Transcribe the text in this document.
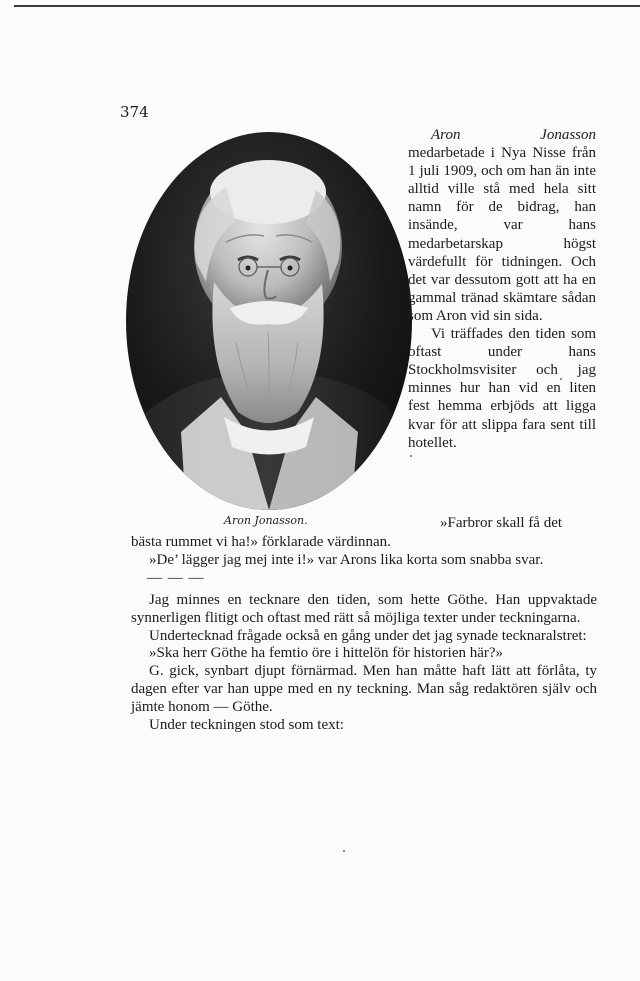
374
Aron Jonasson.

Aron Jonasson medarbetade i Nya Nisse från 1 juli 1909, och om han än inte alltid ville stå med hela sitt namn för de bidrag, han insände, var hans medarbetarskap högst värdefullt för tidningen. Och det var dessutom gott att ha en gammal tränad skämtare sådan som Aron vid sin sida.

Vi träffades den tiden som oftast under hans Stockholmsvisiter och jag minnes hur han vid en liten fest hemma erbjöds att ligga kvar för att slippa fara sent till hotellet.

»Farbror skall få det

bästa rummet vi ha!» förklarade värdinnan.

»De’ lägger jag mej inte i!» var Arons lika korta som snabba svar.

— — —

Jag minnes en tecknare den tiden, som hette Göthe. Han uppvaktade synnerligen flitigt och oftast med rätt så möjliga texter under teckningarna.

Undertecknad frågade också en gång under det jag synade tecknaralstret:

»Ska herr Göthe ha femtio öre i hittelön för historien här?»

G. gick, synbart djupt förnärmad. Men han måtte haft lätt att förlåta, ty dagen efter var han uppe med en ny teckning. Man såg redaktören själv och jämte honom — Göthe.

Under teckningen stod som text:
